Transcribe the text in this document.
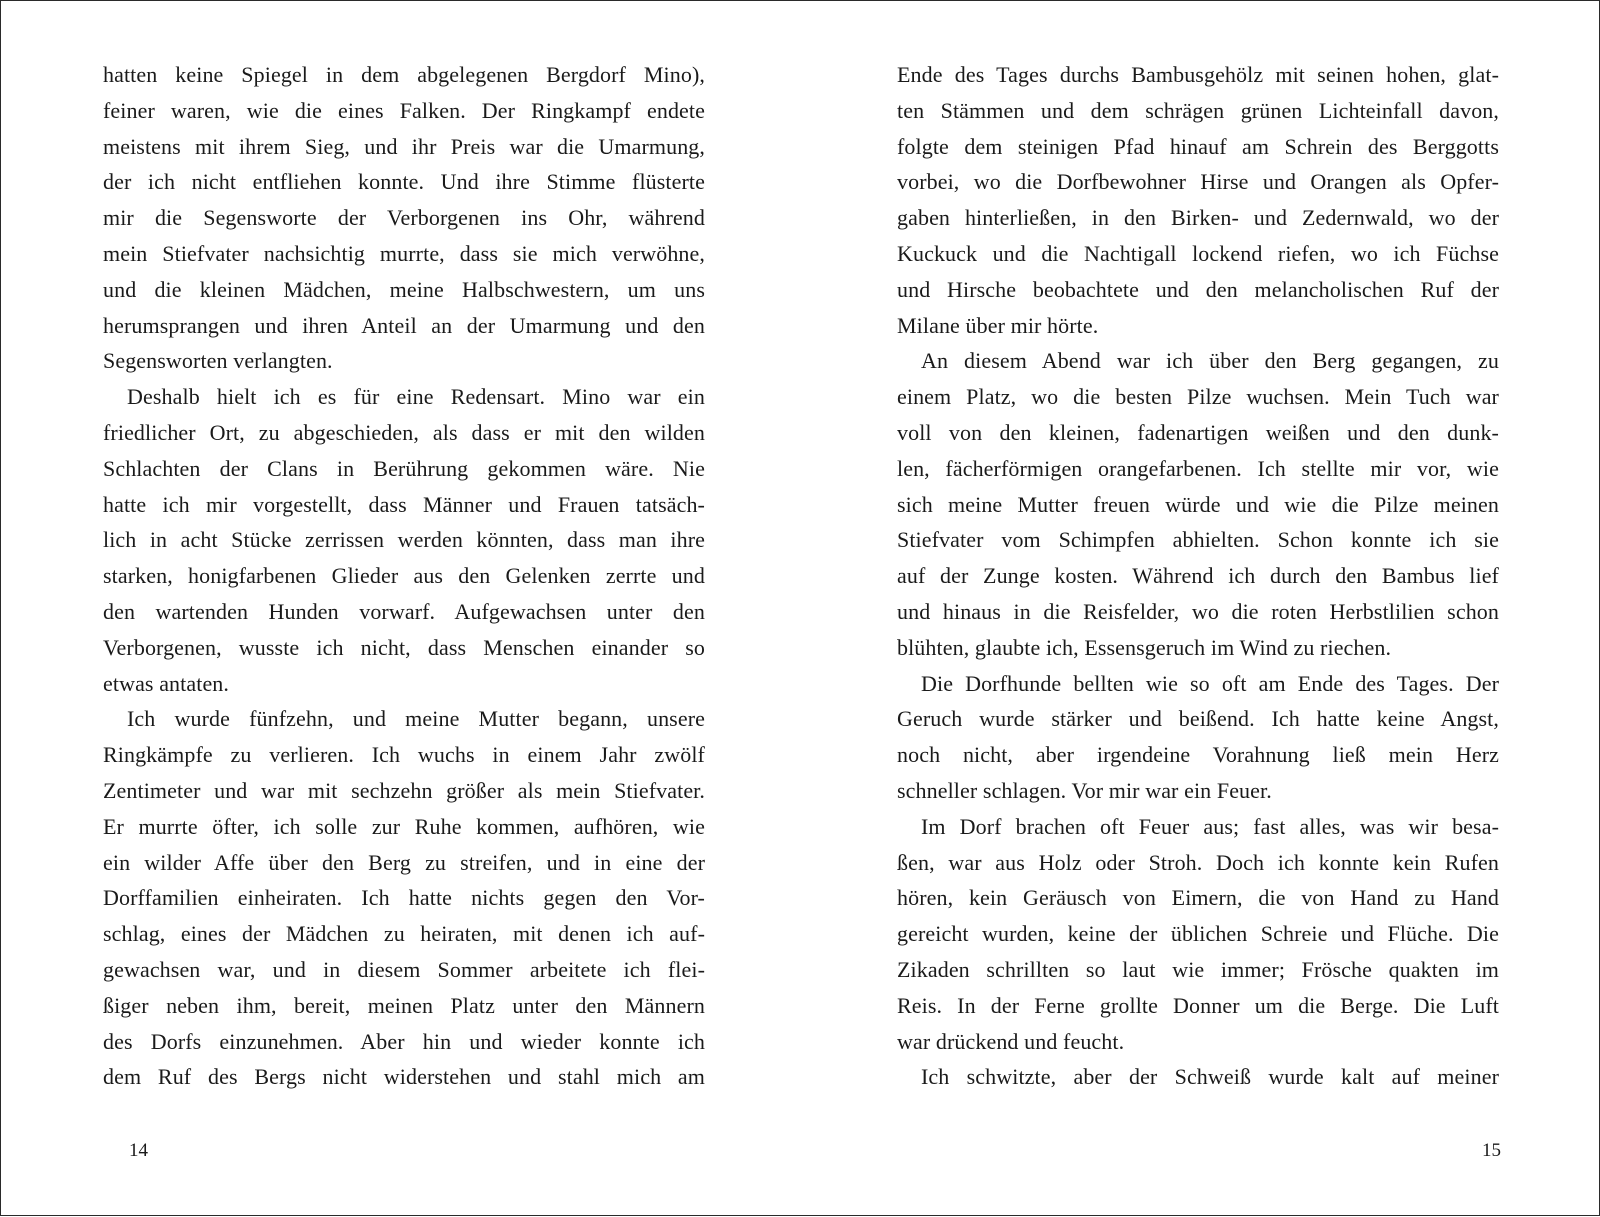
hatten keine Spiegel in dem abgelegenen Bergdorf Mino),
feiner waren, wie die eines Falken. Der Ringkampf endete
meistens mit ihrem Sieg, und ihr Preis war die Umarmung,
der ich nicht entfliehen konnte. Und ihre Stimme flüsterte
mir die Segensworte der Verborgenen ins Ohr, während
mein Stiefvater nachsichtig murrte, dass sie mich verwöhne,
und die kleinen Mädchen, meine Halbschwestern, um uns
herumsprangen und ihren Anteil an der Umarmung und den
Segensworten verlangten.
Deshalb hielt ich es für eine Redensart. Mino war ein
friedlicher Ort, zu abgeschieden, als dass er mit den wilden
Schlachten der Clans in Berührung gekommen wäre. Nie
hatte ich mir vorgestellt, dass Männer und Frauen tatsäch-
lich in acht Stücke zerrissen werden könnten, dass man ihre
starken, honigfarbenen Glieder aus den Gelenken zerrte und
den wartenden Hunden vorwarf. Aufgewachsen unter den
Verborgenen, wusste ich nicht, dass Menschen einander so
etwas antaten.
Ich wurde fünfzehn, und meine Mutter begann, unsere
Ringkämpfe zu verlieren. Ich wuchs in einem Jahr zwölf
Zentimeter und war mit sechzehn größer als mein Stiefvater.
Er murrte öfter, ich solle zur Ruhe kommen, aufhören, wie
ein wilder Affe über den Berg zu streifen, und in eine der
Dorffamilien einheiraten. Ich hatte nichts gegen den Vor-
schlag, eines der Mädchen zu heiraten, mit denen ich auf-
gewachsen war, und in diesem Sommer arbeitete ich flei-
ßiger neben ihm, bereit, meinen Platz unter den Männern
des Dorfs einzunehmen. Aber hin und wieder konnte ich
dem Ruf des Bergs nicht widerstehen und stahl mich am
14
Ende des Tages durchs Bambusgehölz mit seinen hohen, glat-
ten Stämmen und dem schrägen grünen Lichteinfall davon,
folgte dem steinigen Pfad hinauf am Schrein des Berggotts
vorbei, wo die Dorfbewohner Hirse und Orangen als Opfer-
gaben hinterließen, in den Birken- und Zedernwald, wo der
Kuckuck und die Nachtigall lockend riefen, wo ich Füchse
und Hirsche beobachtete und den melancholischen Ruf der
Milane über mir hörte.
An diesem Abend war ich über den Berg gegangen, zu
einem Platz, wo die besten Pilze wuchsen. Mein Tuch war
voll von den kleinen, fadenartigen weißen und den dunk-
len, fächerförmigen orangefarbenen. Ich stellte mir vor, wie
sich meine Mutter freuen würde und wie die Pilze meinen
Stiefvater vom Schimpfen abhielten. Schon konnte ich sie
auf der Zunge kosten. Während ich durch den Bambus lief
und hinaus in die Reisfelder, wo die roten Herbstlilien schon
blühten, glaubte ich, Essensgeruch im Wind zu riechen.
Die Dorfhunde bellten wie so oft am Ende des Tages. Der
Geruch wurde stärker und beißend. Ich hatte keine Angst,
noch nicht, aber irgendeine Vorahnung ließ mein Herz
schneller schlagen. Vor mir war ein Feuer.
Im Dorf brachen oft Feuer aus; fast alles, was wir besa-
ßen, war aus Holz oder Stroh. Doch ich konnte kein Rufen
hören, kein Geräusch von Eimern, die von Hand zu Hand
gereicht wurden, keine der üblichen Schreie und Flüche. Die
Zikaden schrillten so laut wie immer; Frösche quakten im
Reis. In der Ferne grollte Donner um die Berge. Die Luft
war drückend und feucht.
Ich schwitzte, aber der Schweiß wurde kalt auf meiner
15
